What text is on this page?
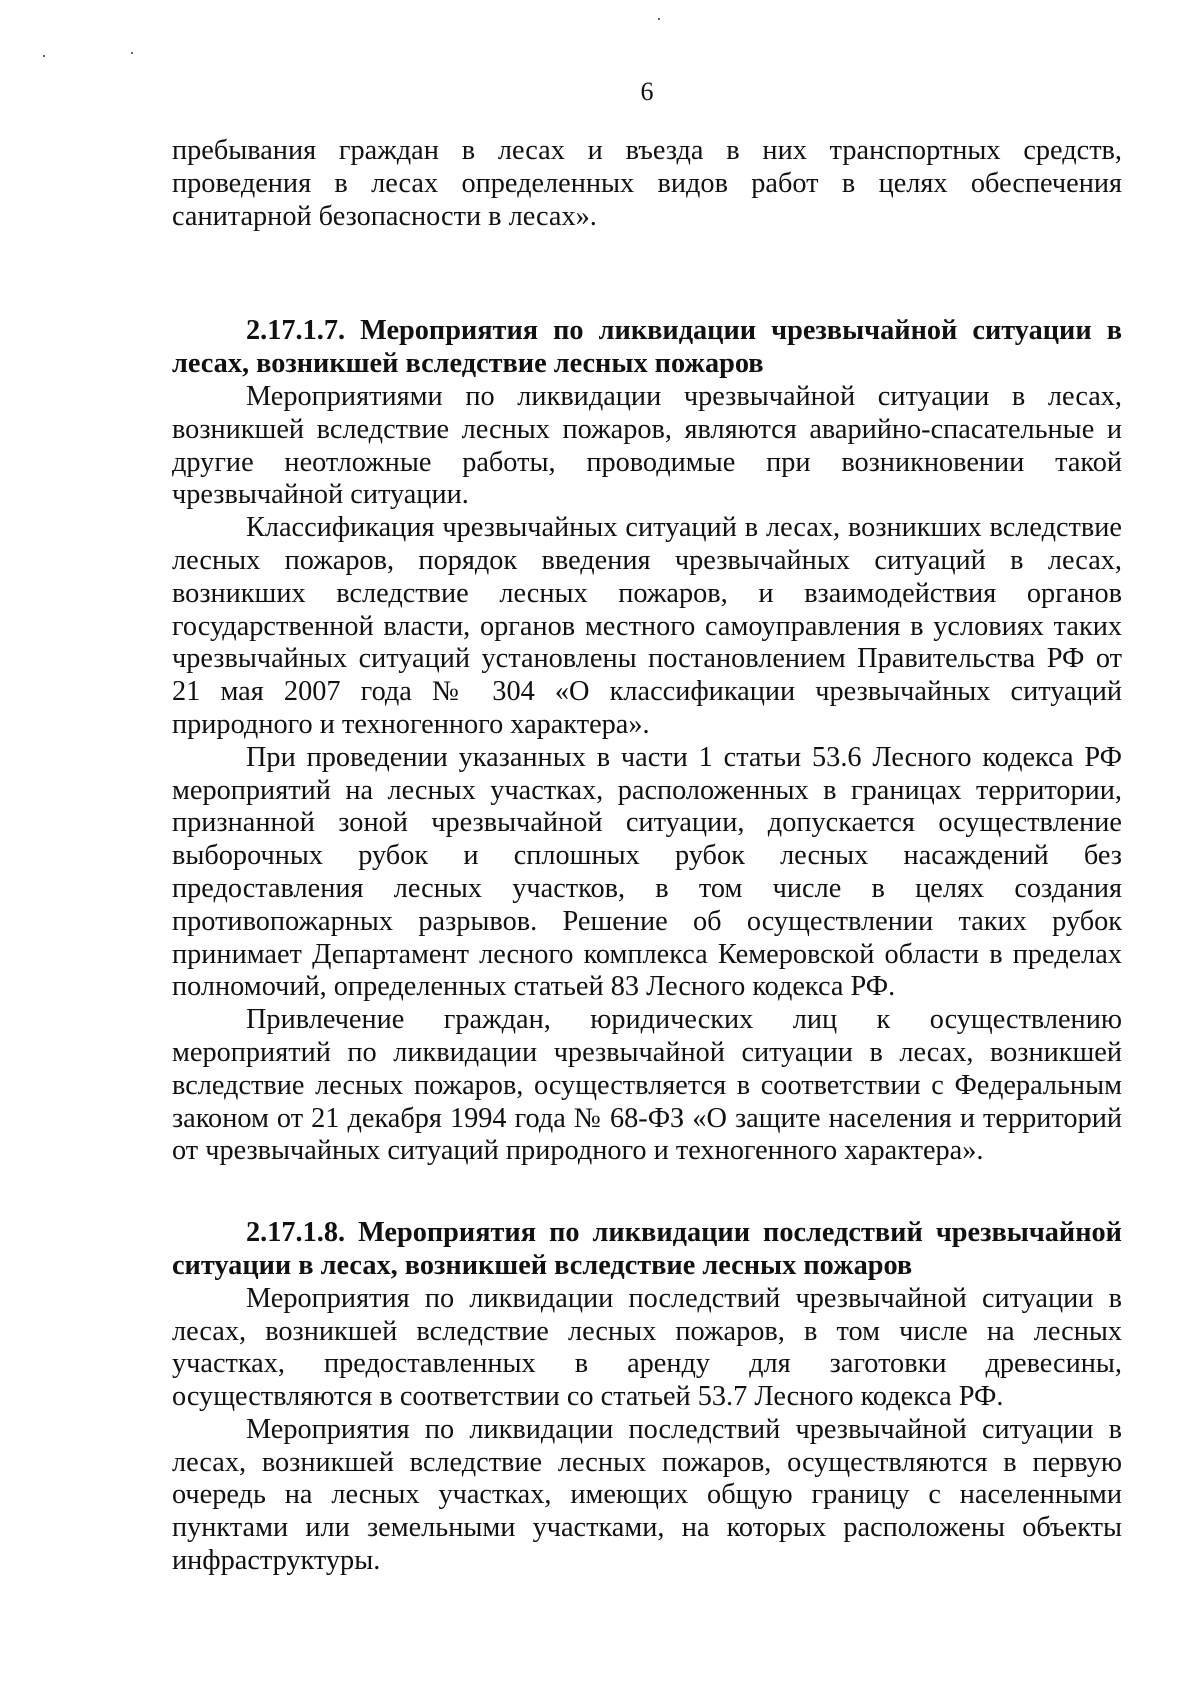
6

пребывания граждан в лесах и въезда в них транспортных средств, проведения в лесах определенных видов работ в целях обеспечения санитарной безопасности в лесах».

2.17.1.7. Мероприятия по ликвидации чрезвычайной ситуации в лесах, возникшей вследствие лесных пожаров

Мероприятиями по ликвидации чрезвычайной ситуации в лесах, возникшей вследствие лесных пожаров, являются аварийно-спасательные и другие неотложные работы, проводимые при возникновении такой чрезвычайной ситуации.

Классификация чрезвычайных ситуаций в лесах, возникших вследствие лесных пожаров, порядок введения чрезвычайных ситуаций в лесах, возникших вследствие лесных пожаров, и взаимодействия органов государственной власти, органов местного самоуправления в условиях таких чрезвычайных ситуаций установлены постановлением Правительства РФ от 21 мая 2007 года № 304 «О классификации чрезвычайных ситуаций природного и техногенного характера».

При проведении указанных в части 1 статьи 53.6 Лесного кодекса РФ мероприятий на лесных участках, расположенных в границах территории, признанной зоной чрезвычайной ситуации, допускается осуществление выборочных рубок и сплошных рубок лесных насаждений без предоставления лесных участков, в том числе в целях создания противопожарных разрывов. Решение об осуществлении таких рубок принимает Департамент лесного комплекса Кемеровской области в пределах полномочий, определенных статьей 83 Лесного кодекса РФ.

Привлечение граждан, юридических лиц к осуществлению мероприятий по ликвидации чрезвычайной ситуации в лесах, возникшей вследствие лесных пожаров, осуществляется в соответствии с Федеральным законом от 21 декабря 1994 года № 68-ФЗ «О защите населения и территорий от чрезвычайных ситуаций природного и техногенного характера».

2.17.1.8. Мероприятия по ликвидации последствий чрезвычайной ситуации в лесах, возникшей вследствие лесных пожаров

Мероприятия по ликвидации последствий чрезвычайной ситуации в лесах, возникшей вследствие лесных пожаров, в том числе на лесных участках, предоставленных в аренду для заготовки древесины, осуществляются в соответствии со статьей 53.7 Лесного кодекса РФ.

Мероприятия по ликвидации последствий чрезвычайной ситуации в лесах, возникшей вследствие лесных пожаров, осуществляются в первую очередь на лесных участках, имеющих общую границу с населенными пунктами или земельными участками, на которых расположены объекты инфраструктуры.
